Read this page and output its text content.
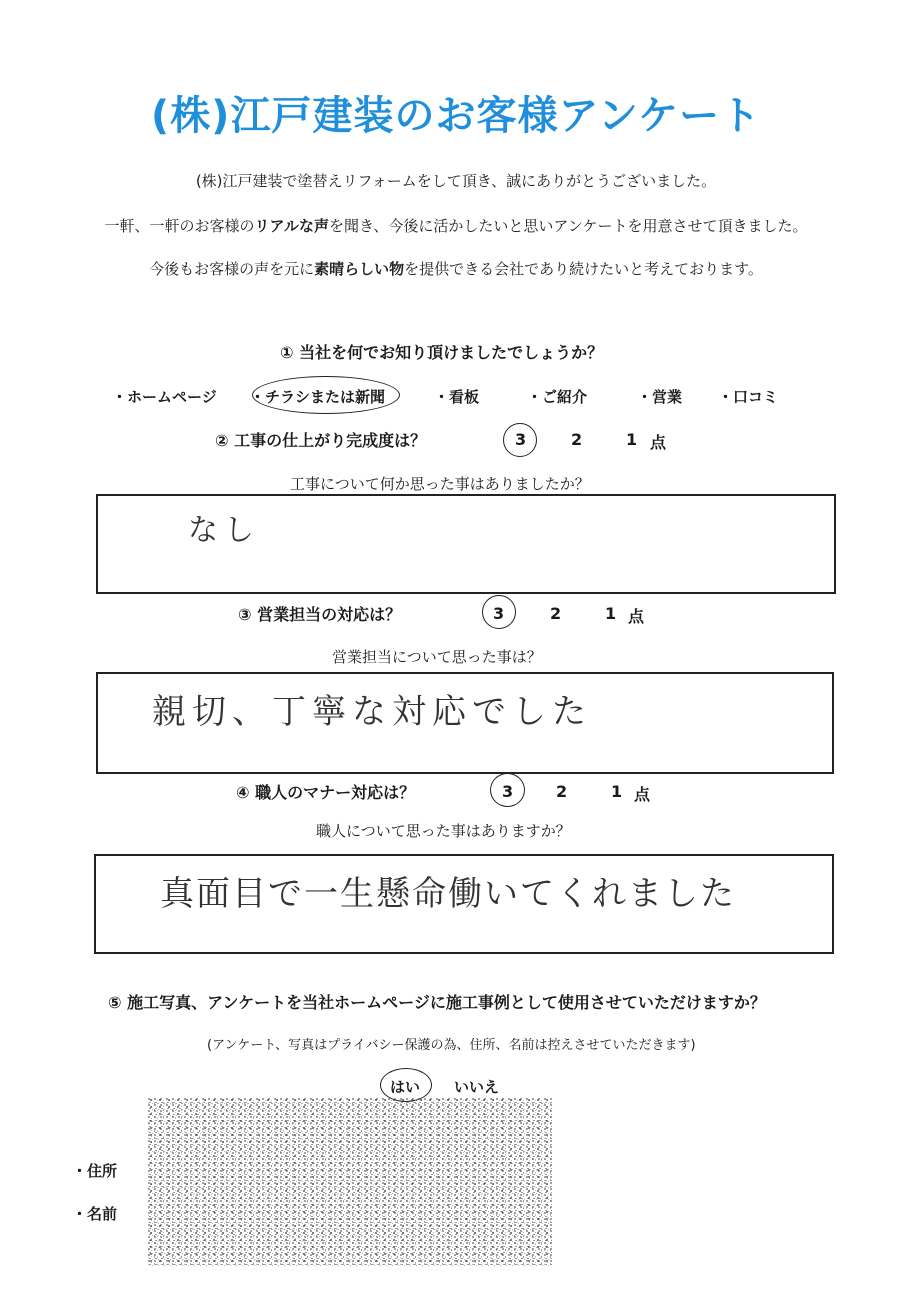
(株)江戸建装のお客様アンケート
(株)江戸建装で塗替えリフォームをして頂き、誠にありがとうございました。
一軒、一軒のお客様のリアルな声を聞き、今後に活かしたいと思いアンケートを用意させて頂きました。
今後もお客様の声を元に素晴らしい物を提供できる会社であり続けたいと考えております。
① 当社を何でお知り頂けましたでしょうか？
・ホームページ ・チラシまたは新聞	・看板	・ご紹介	・営業 ・口コミ
② 工事の仕上がり完成度は？	3	2	1 点
工事について何か思った事はありましたか？
なし
③ 営業担当の対応は？	3	2	1 点
営業担当について思った事は？
親切、丁寧な対応でした
④ 職人のマナー対応は？	3	2	1 点
職人について思った事はありますか？
真面目で一生懸命働いてくれました
⑤ 施工写真、アンケートを当社ホームページに施工事例として使用させていただけますか？
(アンケート、写真はプライバシー保護の為、住所、名前は控えさせていただきます)
はい いいえ
・住所
・名前
